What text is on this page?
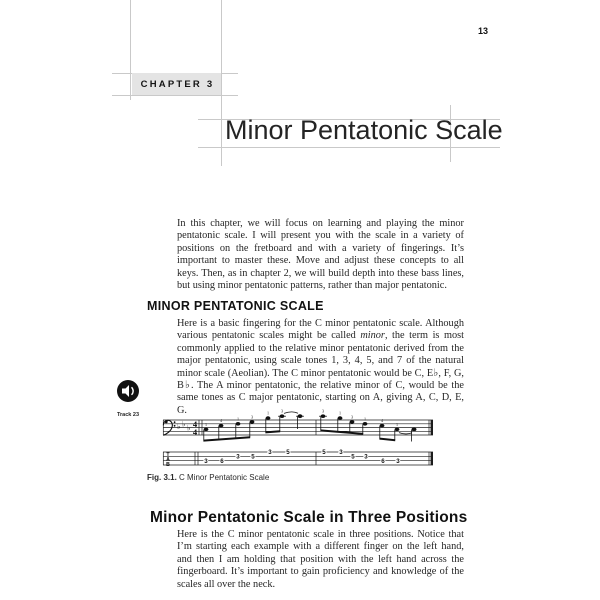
13
CHAPTER 3
Minor Pentatonic Scale
In this chapter, we will focus on learning and playing the minor pentatonic scale. I will present you with the scale in a variety of positions on the fretboard and with a variety of fingerings. It’s important to master these. Move and adjust these concepts to all keys. Then, as in chapter 2, we will build depth into these bass lines, but using minor pentatonic patterns, rather than major pentatonic.
MINOR PENTATONIC SCALE
Here is a basic fingering for the C minor pentatonic scale. Although various pentatonic scales might be called minor, the term is most commonly applied to the relative minor pentatonic derived from the major pentatonic, using scale tones 1, 3, 4, 5, and 7 of the natural minor scale (Aeolian). The C minor pentatonic would be C, E♭, F, G, B♭. The A minor pentatonic, the relative minor of C, would be the same tones as C major pentatonic, starting on A, giving A, C, D, E, G.
Track 23
♭ ♭ ♭ 4
4
1
4	1	3
1	3	3	1
3 1	4
1
T
A
B
3 6
3 5
3 5	5 3
5 3
6 3
Fig. 3.1. C Minor Pentatonic Scale
Minor Pentatonic Scale in Three Positions
Here is the C minor pentatonic scale in three positions. Notice that I’m starting each example with a different finger on the left hand, and then I am holding that position with the left hand across the fingerboard. It’s important to gain proficiency and knowledge of the scales all over the neck.
